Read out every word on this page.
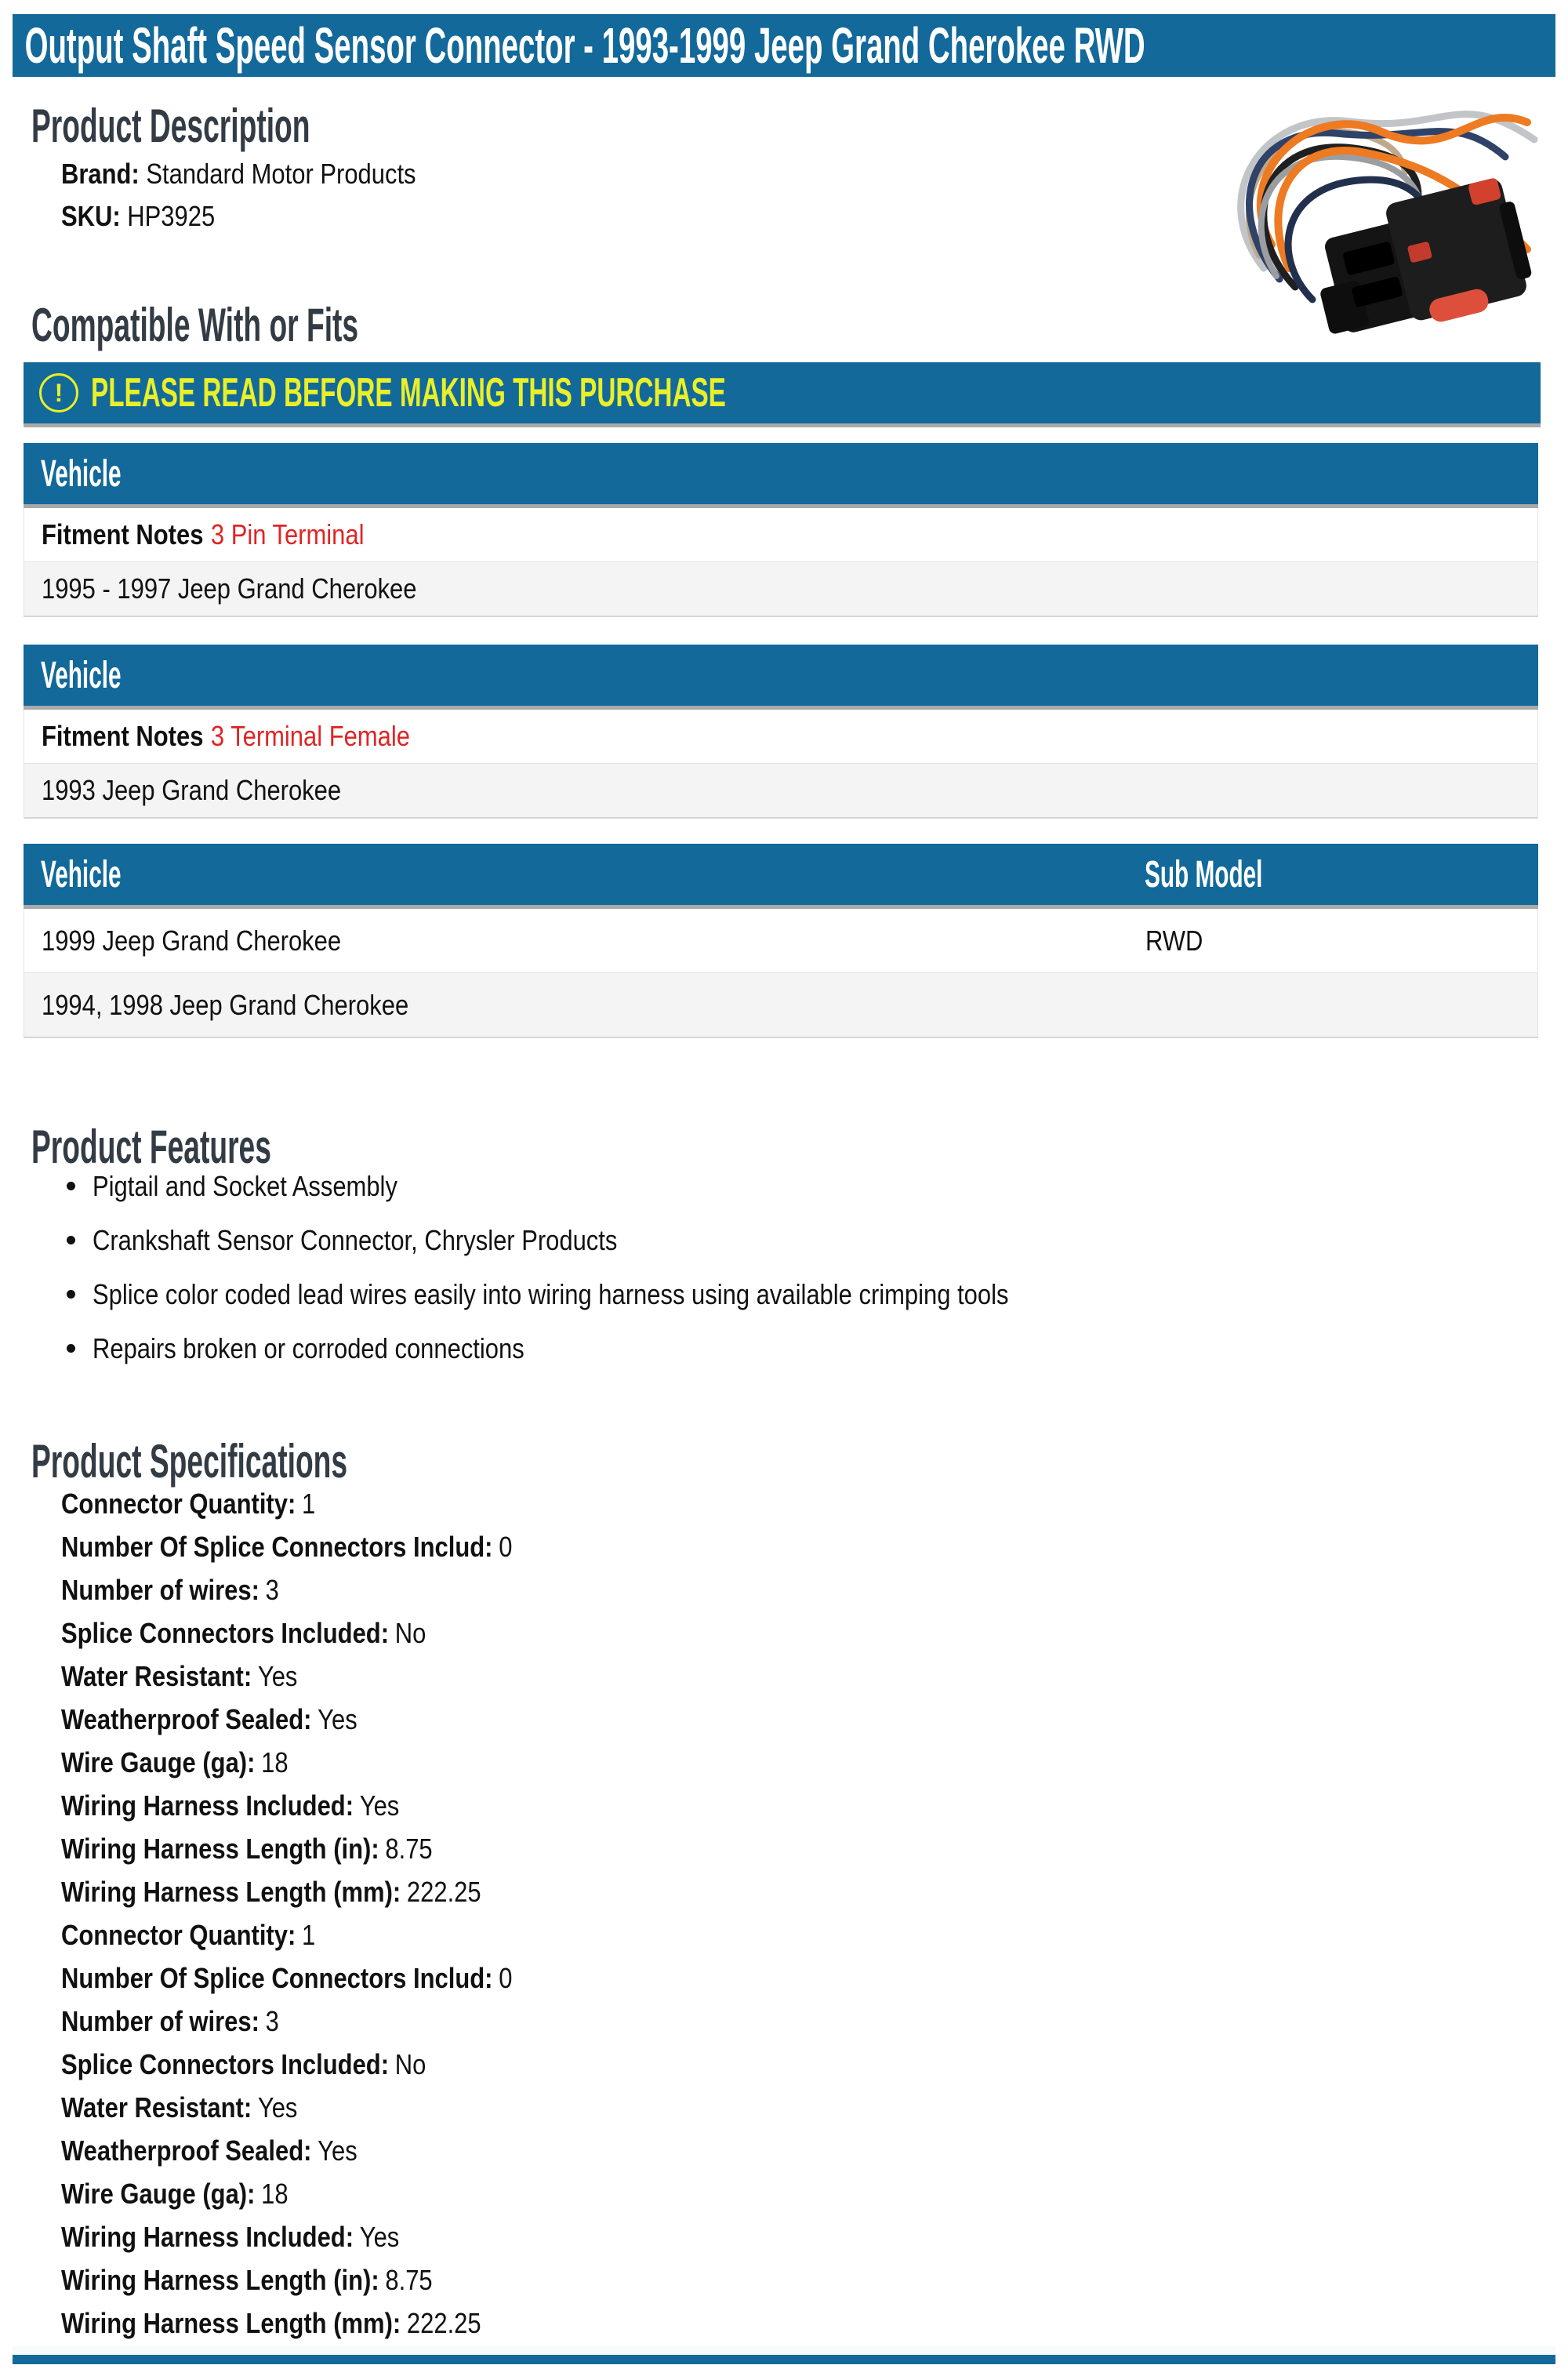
Output Shaft Speed Sensor Connector - 1993-1999 Jeep Grand Cherokee RWD
Product Description
Brand: Standard Motor Products
SKU: HP3925
Compatible With or Fits
! PLEASE READ BEFORE MAKING THIS PURCHASE
Vehicle
Fitment Notes 3 Pin Terminal
1995 - 1997 Jeep Grand Cherokee
Vehicle
Fitment Notes 3 Terminal Female
1993 Jeep Grand Cherokee
Vehicle	Sub Model
1999 Jeep Grand Cherokee	RWD
1994, 1998 Jeep Grand Cherokee
Product Features
Pigtail and Socket Assembly
Crankshaft Sensor Connector, Chrysler Products
Splice color coded lead wires easily into wiring harness using available crimping tools
Repairs broken or corroded connections
Product Specifications
Connector Quantity: 1
Number Of Splice Connectors Includ: 0
Number of wires: 3
Splice Connectors Included: No
Water Resistant: Yes
Weatherproof Sealed: Yes
Wire Gauge (ga): 18
Wiring Harness Included: Yes
Wiring Harness Length (in): 8.75
Wiring Harness Length (mm): 222.25
Connector Quantity: 1
Number Of Splice Connectors Includ: 0
Number of wires: 3
Splice Connectors Included: No
Water Resistant: Yes
Weatherproof Sealed: Yes
Wire Gauge (ga): 18
Wiring Harness Included: Yes
Wiring Harness Length (in): 8.75
Wiring Harness Length (mm): 222.25
